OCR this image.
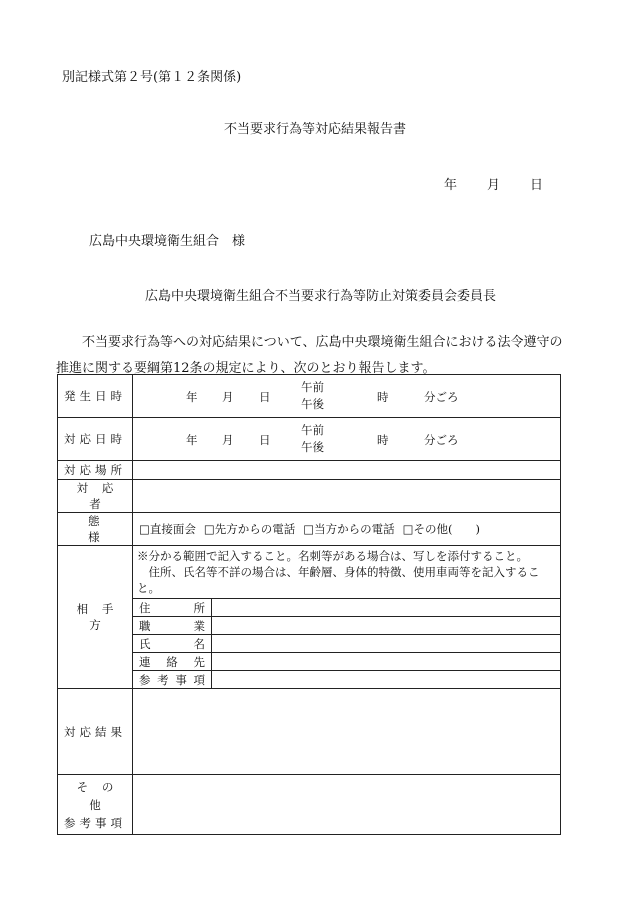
別記様式第２号(第１２条関係)
不当要求行為等対応結果報告書
年 月 日
広島中央環境衛生組合　様
広島中央環境衛生組合不当要求行為等防止対策委員会委員長
不当要求行為等への対応結果について、広島中央環境衛生組合における法令遵守の推進に関する要綱第12条の規定により、次のとおり報告します。
発生日時	年 月 日
午前
午後	時	分ごろ

対応日時	年 月 日
午前
午後	時	分ごろ

対応場所	
対応者	
態様	□直接面会 □先方からの電話 □当方からの電話 □その他(　　)
相手方	

※分かる範囲で記入すること。名刺等がある場合は、写しを添付すること。

住所、氏名等不詳の場合は、年齢層、身体的特徴、使用車両等を記入すること。

住所	
職業	
氏名	
連絡先	
参考事項	

対応結果	

その他
参考事項
